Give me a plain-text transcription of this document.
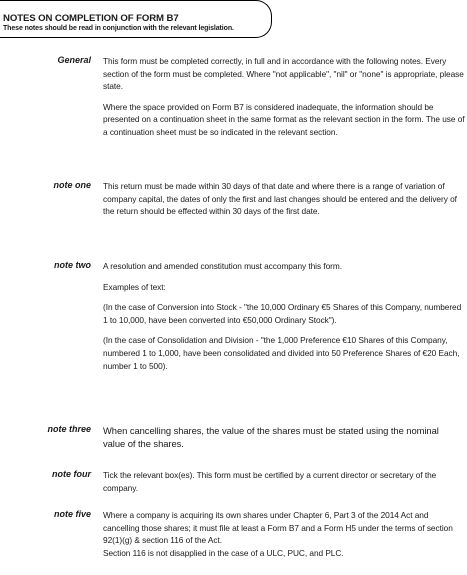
NOTES ON COMPLETION OF FORM B7
These notes should be read in conjunction with the relevant legislation.
General This form must be completed correctly, in full and in accordance with the following notes. Every section of the form must be completed. Where "not applicable", "nil" or "none" is appropriate, please state.

Where the space provided on Form B7 is considered inadequate, the information should be presented on a continuation sheet in the same format as the relevant section in the form. The use of a continuation sheet must be so indicated in the relevant section.

note one This return must be made within 30 days of that date and where there is a range of variation of company capital, the dates of only the first and last changes should be entered and the delivery of the return should be effected within 30 days of the first date.

note two A resolution and amended constitution must accompany this form.

Examples of text:

(In the case of Conversion into Stock - "the 10,000 Ordinary €5 Shares of this Company, numbered 1 to 10,000, have been converted into €50,000 Ordinary Stock").

(In the case of Consolidation and Division - "the 1,000 Preference €10 Shares of this Company, numbered 1 to 1,000, have been consolidated and divided into 50 Preference Shares of €20 Each, number 1 to 500).

note three When cancelling shares, the value of the shares must be stated using the nominal value of the shares.

note four Tick the relevant box(es). This form must be certified by a current director or secretary of the company.

note five Where a company is acquiring its own shares under Chapter 6, Part 3 of the 2014 Act and cancelling those shares; it must file at least a Form B7 and a Form H5 under the terms of section 92(1)(g) & section 116 of the Act.
Section 116 is not disapplied in the case of a ULC, PUC, and PLC.
